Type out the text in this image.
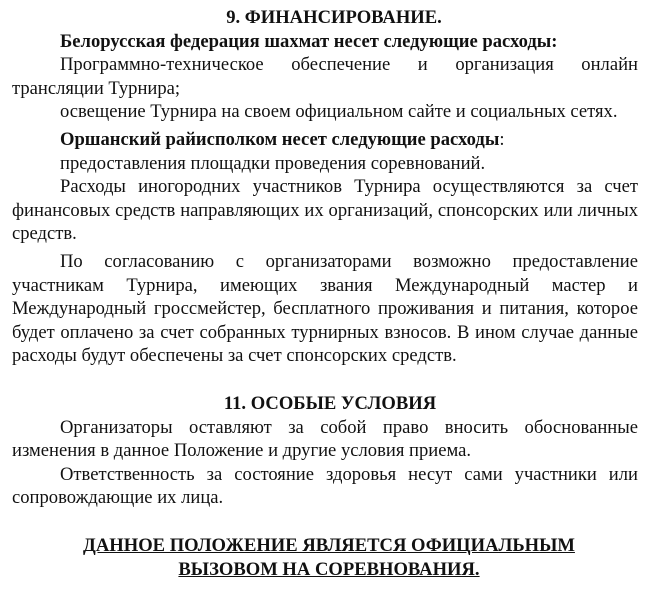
9. ФИНАНСИРОВАНИЕ.

Белорусская федерация шахмат несет следующие расходы:

Программно-техническое обеспечение и организация онлайн трансляции Турнира;

освещение Турнира на своем официальном сайте и социальных сетях.

Оршанский райисполком несет следующие расходы:

предоставления площадки проведения соревнований.

Расходы иногородних участников Турнира осуществляются за счет финансовых средств направляющих их организаций, спонсорских или личных средств.

По согласованию с организаторами возможно предоставление участникам Турнира, имеющих звания Международный мастер и Международный гроссмейстер, бесплатного проживания и питания, которое будет оплачено за счет собранных турнирных взносов. В ином случае данные расходы будут обеспечены за счет спонсорских средств.

11. ОСОБЫЕ УСЛОВИЯ

Организаторы оставляют за собой право вносить обоснованные изменения в данное Положение и другие условия приема.

Ответственность за состояние здоровья несут сами участники или сопровождающие их лица.

ДАННОЕ ПОЛОЖЕНИЕ ЯВЛЯЕТСЯ ОФИЦИАЛЬНЫМ

ВЫЗОВОМ НА СОРЕВНОВАНИЯ.
